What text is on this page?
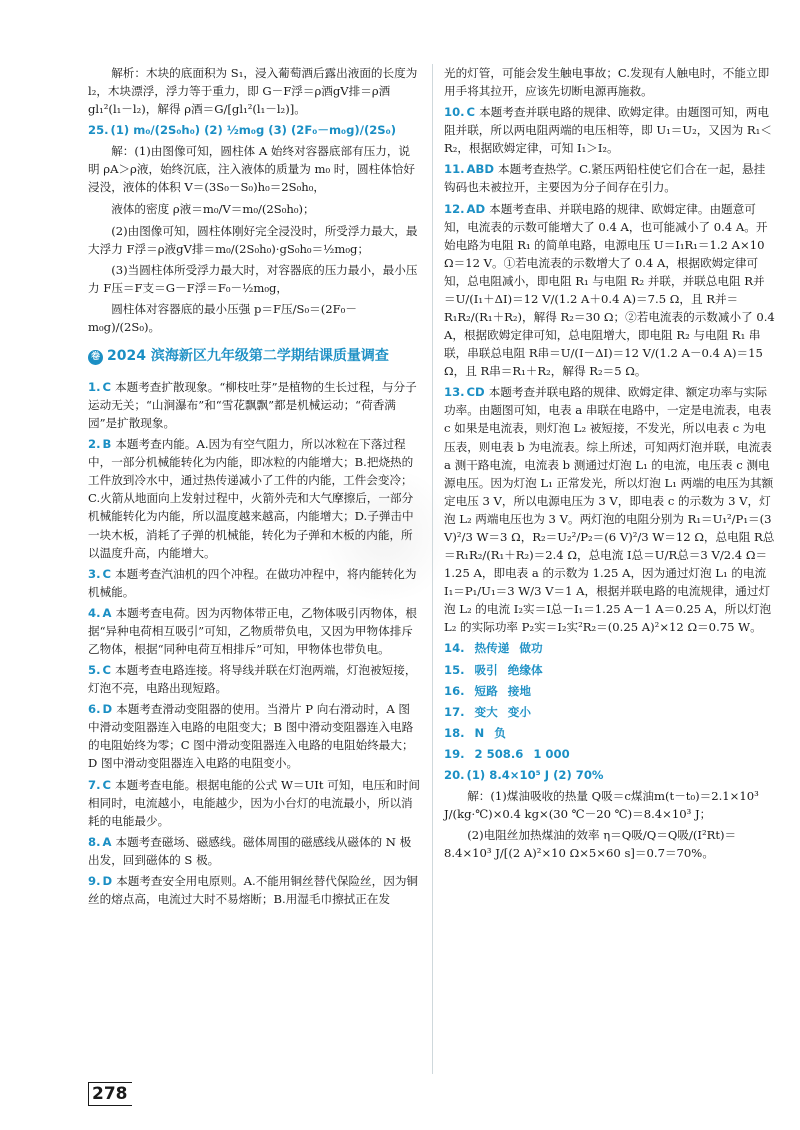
解析：木块的底面积为 S₁，浸入葡萄酒后露出液面的长度为 l₂，木块漂浮，浮力等于重力，即 G－F浮＝ρ酒gV排＝ρ酒gl₁²(l₁－l₂)，解得 ρ酒＝G/[gl₁²(l₁－l₂)]。

25. (1) m₀/(2S₀h₀) (2) ½m₀g (3) (2F₀－m₀g)/(2S₀)

解：(1)由图像可知，圆柱体 A 始终对容器底部有压力，说明 ρA＞ρ液，始终沉底，注入液体的质量为 m₀ 时，圆柱体恰好浸没，液体的体积 V＝(3S₀－S₀)h₀＝2S₀h₀，

液体的密度 ρ液＝m₀/V＝m₀/(2S₀h₀)；

(2)由图像可知，圆柱体刚好完全浸没时，所受浮力最大，最大浮力 F浮＝ρ液gV排＝m₀/(2S₀h₀)·gS₀h₀＝½m₀g；

(3)当圆柱体所受浮力最大时，对容器底的压力最小，最小压力 F压＝F支＝G－F浮＝F₀－½m₀g，

圆柱体对容器底的最小压强 p＝F压/S₀＝(2F₀－m₀g)/(2S₀)。

卷 2024 滨海新区九年级第二学期结课质量调查
1. C 本题考查扩散现象。“柳枝吐芽”是植物的生长过程，与分子运动无关；“山涧瀑布”和“雪花飘飘”都是机械运动；“荷香满园”是扩散现象。
2. B 本题考查内能。A.因为有空气阻力，所以冰粒在下落过程中，一部分机械能转化为内能，即冰粒的内能增大；B.把烧热的工件放到冷水中，通过热传递减小了工件的内能，工件会变冷；C.火箭从地面向上发射过程中，火箭外壳和大气摩擦后，一部分机械能转化为内能，所以温度越来越高，内能增大；D.子弹击中一块木板，消耗了子弹的机械能，转化为子弹和木板的内能，所以温度升高，内能增大。
3. C 本题考查汽油机的四个冲程。在做功冲程中，将内能转化为机械能。
4. A 本题考查电荷。因为丙物体带正电，乙物体吸引丙物体，根据“异种电荷相互吸引”可知，乙物质带负电，又因为甲物体排斥乙物体，根据“同种电荷互相排斥”可知，甲物体也带负电。
5. C 本题考查电路连接。将导线并联在灯泡两端，灯泡被短接，灯泡不亮，电路出现短路。
6. D 本题考查滑动变阻器的使用。当滑片 P 向右滑动时，A 图中滑动变阻器连入电路的电阻变大；B 图中滑动变阻器连入电路的电阻始终为零；C 图中滑动变阻器连入电路的电阻始终最大；D 图中滑动变阻器连入电路的电阻变小。
7. C 本题考查电能。根据电能的公式 W＝UIt 可知，电压和时间相同时，电流越小，电能越少，因为小台灯的电流最小，所以消耗的电能最少。
8. A 本题考查磁场、磁感线。磁体周围的磁感线从磁体的 N 极出发，回到磁体的 S 极。
9. D 本题考查安全用电原则。A.不能用铜丝替代保险丝，因为铜丝的熔点高，电流过大时不易熔断；B.用湿毛巾擦拭正在发

光的灯管，可能会发生触电事故；C.发现有人触电时，不能立即用手将其拉开，应该先切断电源再施救。

10. C 本题考查并联电路的规律、欧姆定律。由题图可知，两电阻并联，所以两电阻两端的电压相等，即 U₁＝U₂，又因为 R₁＜R₂，根据欧姆定律，可知 I₁＞I₂。
11. ABD 本题考查热学。C.紧压两铅柱使它们合在一起，悬挂钩码也未被拉开，主要因为分子间存在引力。
12. AD 本题考查串、并联电路的规律、欧姆定律。由题意可知，电流表的示数可能增大了 0.4 A，也可能减小了 0.4 A。开始电路为电阻 R₁ 的简单电路，电源电压 U＝I₁R₁＝1.2 A×10 Ω＝12 V。①若电流表的示数增大了 0.4 A，根据欧姆定律可知，总电阻减小，即电阻 R₁ 与电阻 R₂ 并联，并联总电阻 R并＝U/(I₁＋ΔI)＝12 V/(1.2 A＋0.4 A)＝7.5 Ω，且 R并＝R₁R₂/(R₁＋R₂)，解得 R₂＝30 Ω；②若电流表的示数减小了 0.4 A，根据欧姆定律可知，总电阻增大，即电阻 R₂ 与电阻 R₁ 串联，串联总电阻 R串＝U/(I－ΔI)＝12 V/(1.2 A－0.4 A)＝15 Ω，且 R串＝R₁＋R₂，解得 R₂＝5 Ω。
13. CD 本题考查并联电路的规律、欧姆定律、额定功率与实际功率。由题图可知，电表 a 串联在电路中，一定是电流表，电表 c 如果是电流表，则灯泡 L₂ 被短接，不发光，所以电表 c 为电压表，则电表 b 为电流表。综上所述，可知两灯泡并联，电流表 a 测干路电流，电流表 b 测通过灯泡 L₁ 的电流，电压表 c 测电源电压。因为灯泡 L₁ 正常发光，所以灯泡 L₁ 两端的电压为其额定电压 3 V，所以电源电压为 3 V，即电表 c 的示数为 3 V，灯泡 L₂ 两端电压也为 3 V。两灯泡的电阻分别为 R₁＝U₁²/P₁＝(3 V)²/3 W＝3 Ω，R₂＝U₂²/P₂＝(6 V)²/3 W＝12 Ω，总电阻 R总＝R₁R₂/(R₁＋R₂)＝2.4 Ω，总电流 I总＝U/R总＝3 V/2.4 Ω＝1.25 A，即电表 a 的示数为 1.25 A，因为通过灯泡 L₁ 的电流 I₁＝P₁/U₁＝3 W/3 V＝1 A，根据并联电路的电流规律，通过灯泡 L₂ 的电流 I₂实＝I总－I₁＝1.25 A－1 A＝0.25 A，所以灯泡 L₂ 的实际功率 P₂实＝I₂实²R₂＝(0.25 A)²×12 Ω＝0.75 W。
14. 热传递 做功
15. 吸引 绝缘体
16. 短路 接地
17. 变大 变小
18. N 负
19. 2 508.6 1 000
20. (1) 8.4×10⁵ J (2) 70%

解：(1)煤油吸收的热量 Q吸＝c煤油m(t－t₀)＝2.1×10³ J/(kg·℃)×0.4 kg×(30 ℃－20 ℃)＝8.4×10³ J；

(2)电阻丝加热煤油的效率 η＝Q吸/Q＝Q吸/(I²Rt)＝8.4×10³ J/[(2 A)²×10 Ω×5×60 s]＝0.7＝70%。

278
